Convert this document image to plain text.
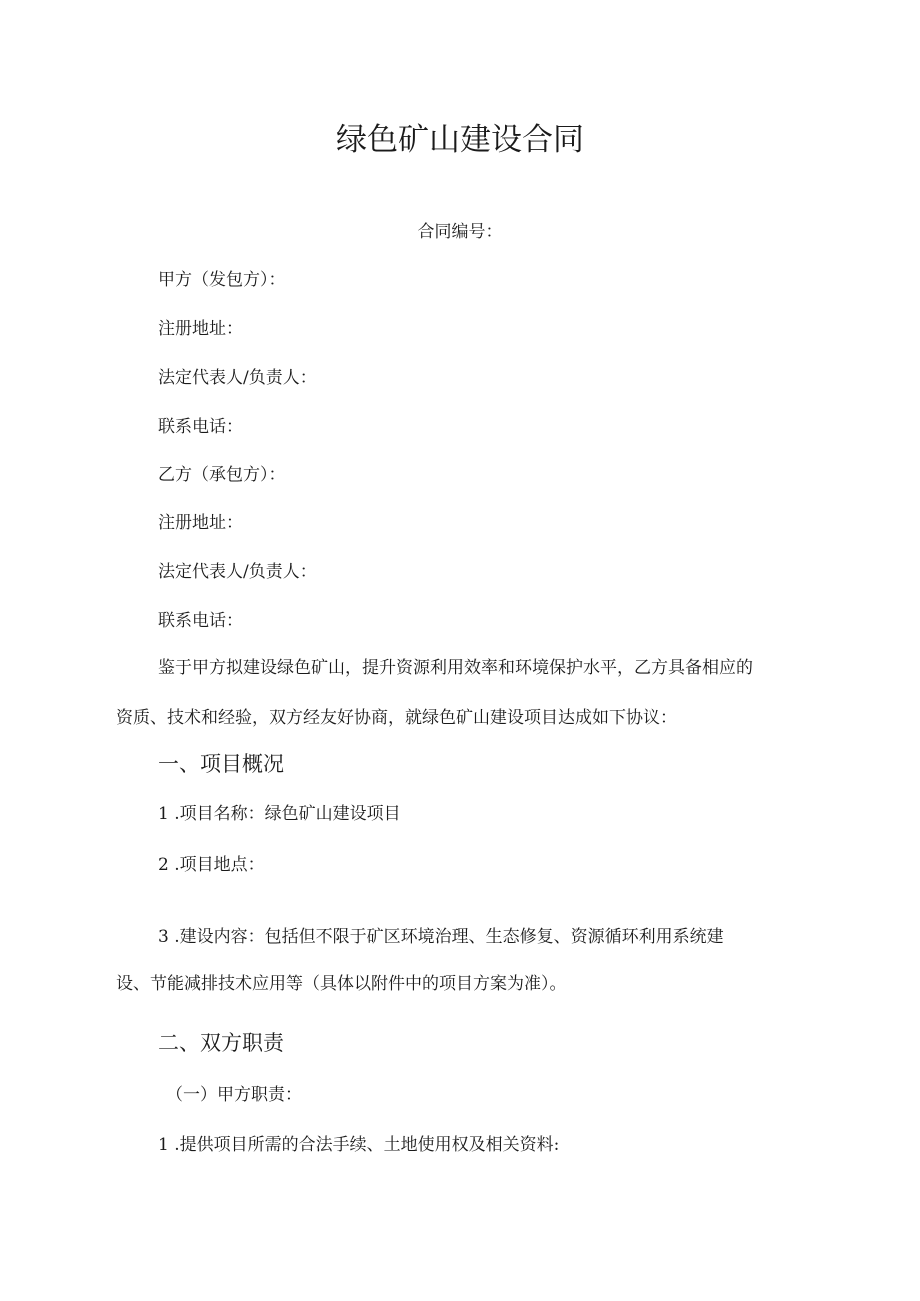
绿色矿山建设合同

合同编号：

甲方（发包方）：

注册地址：

法定代表人/负责人：

联系电话：

乙方（承包方）：

注册地址：

法定代表人/负责人：

联系电话：

鉴于甲方拟建设绿色矿山，提升资源利用效率和环境保护水平，乙方具备相应的

资质、技术和经验，双方经友好协商，就绿色矿山建设项目达成如下协议：

一、项目概况

1 .项目名称：绿色矿山建设项目

2 .项目地点：

3 .建设内容：包括但不限于矿区环境治理、生态修复、资源循环利用系统建

设、节能减排技术应用等（具体以附件中的项目方案为准）。

二、双方职责

（一）甲方职责：

1 .提供项目所需的合法手续、土地使用权及相关资料:
